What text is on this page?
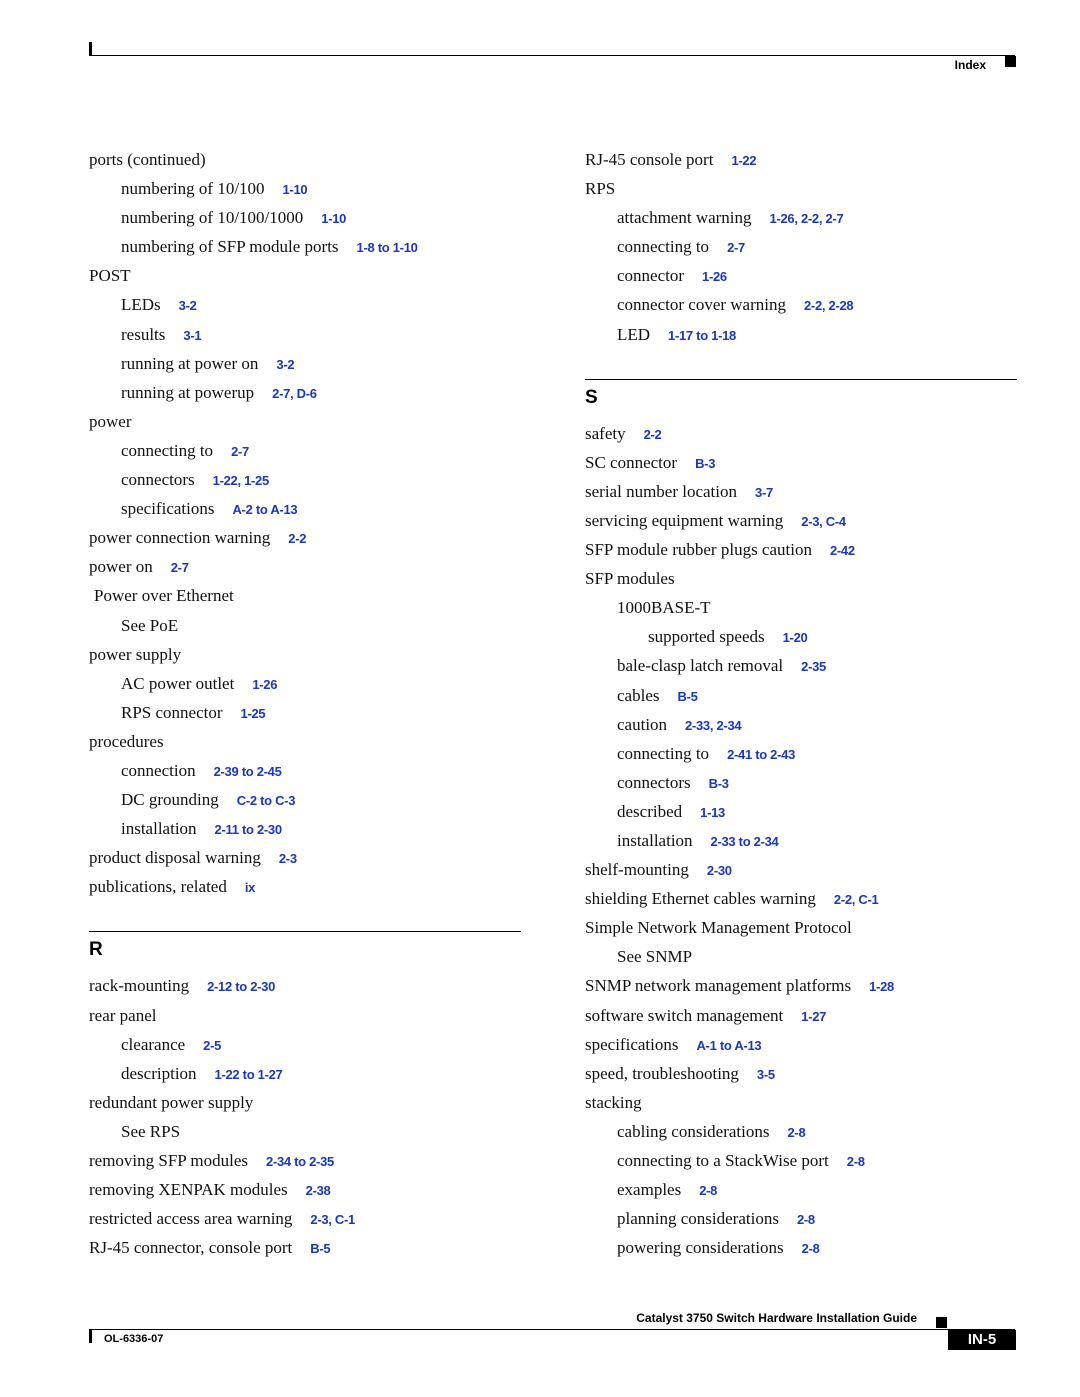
Index
ports (continued)
numbering of 10/100 1-10
numbering of 10/100/1000 1-10
numbering of SFP module ports 1-8 to 1-10
POST
LEDs 3-2
results 3-1
running at power on 3-2
running at powerup 2-7, D-6
power
connecting to 2-7
connectors 1-22, 1-25
specifications A-2 to A-13
power connection warning 2-2
power on 2-7
Power over Ethernet
See PoE
power supply
AC power outlet 1-26
RPS connector 1-25
procedures
connection 2-39 to 2-45
DC grounding C-2 to C-3
installation 2-11 to 2-30
product disposal warning 2-3
publications, related ix
R
rack-mounting 2-12 to 2-30
rear panel
clearance 2-5
description 1-22 to 1-27
redundant power supply
See RPS
removing SFP modules 2-34 to 2-35
removing XENPAK modules 2-38
restricted access area warning 2-3, C-1
RJ-45 connector, console port B-5
RJ-45 console port 1-22
RPS
attachment warning 1-26, 2-2, 2-7
connecting to 2-7
connector 1-26
connector cover warning 2-2, 2-28
LED 1-17 to 1-18
S
safety 2-2
SC connector B-3
serial number location 3-7
servicing equipment warning 2-3, C-4
SFP module rubber plugs caution 2-42
SFP modules
1000BASE-T
supported speeds 1-20
bale-clasp latch removal 2-35
cables B-5
caution 2-33, 2-34
connecting to 2-41 to 2-43
connectors B-3
described 1-13
installation 2-33 to 2-34
shelf-mounting 2-30
shielding Ethernet cables warning 2-2, C-1
Simple Network Management Protocol
See SNMP
SNMP network management platforms 1-28
software switch management 1-27
specifications A-1 to A-13
speed, troubleshooting 3-5
stacking
cabling considerations 2-8
connecting to a StackWise port 2-8
examples 2-8
planning considerations 2-8
powering considerations 2-8
Catalyst 3750 Switch Hardware Installation Guide
OL-6336-07	IN-5
